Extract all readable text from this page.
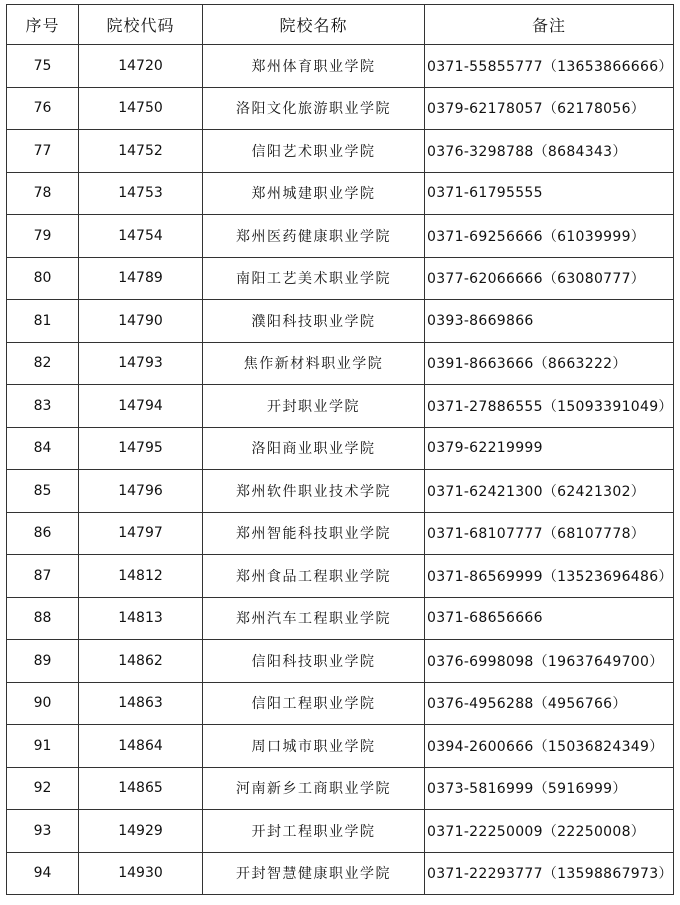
序号	院校代码	院校名称	备注
75	14720	郑州体育职业学院	0371-55855777（13653866666）
76	14750	洛阳文化旅游职业学院	0379-62178057（62178056）
77	14752	信阳艺术职业学院	0376-3298788（8684343）
78	14753	郑州城建职业学院	0371-61795555
79	14754	郑州医药健康职业学院	0371-69256666（61039999）
80	14789	南阳工艺美术职业学院	0377-62066666（63080777）
81	14790	濮阳科技职业学院	0393-8669866
82	14793	焦作新材料职业学院	0391-8663666（8663222）
83	14794	开封职业学院	0371-27886555（15093391049）
84	14795	洛阳商业职业学院	0379-62219999
85	14796	郑州软件职业技术学院	0371-62421300（62421302）
86	14797	郑州智能科技职业学院	0371-68107777（68107778）
87	14812	郑州食品工程职业学院	0371-86569999（13523696486）
88	14813	郑州汽车工程职业学院	0371-68656666
89	14862	信阳科技职业学院	0376-6998098（19637649700）
90	14863	信阳工程职业学院	0376-4956288（4956766）
91	14864	周口城市职业学院	0394-2600666（15036824349）
92	14865	河南新乡工商职业学院	0373-5816999（5916999）
93	14929	开封工程职业学院	0371-22250009（22250008）
94	14930	开封智慧健康职业学院	0371-22293777（13598867973）
